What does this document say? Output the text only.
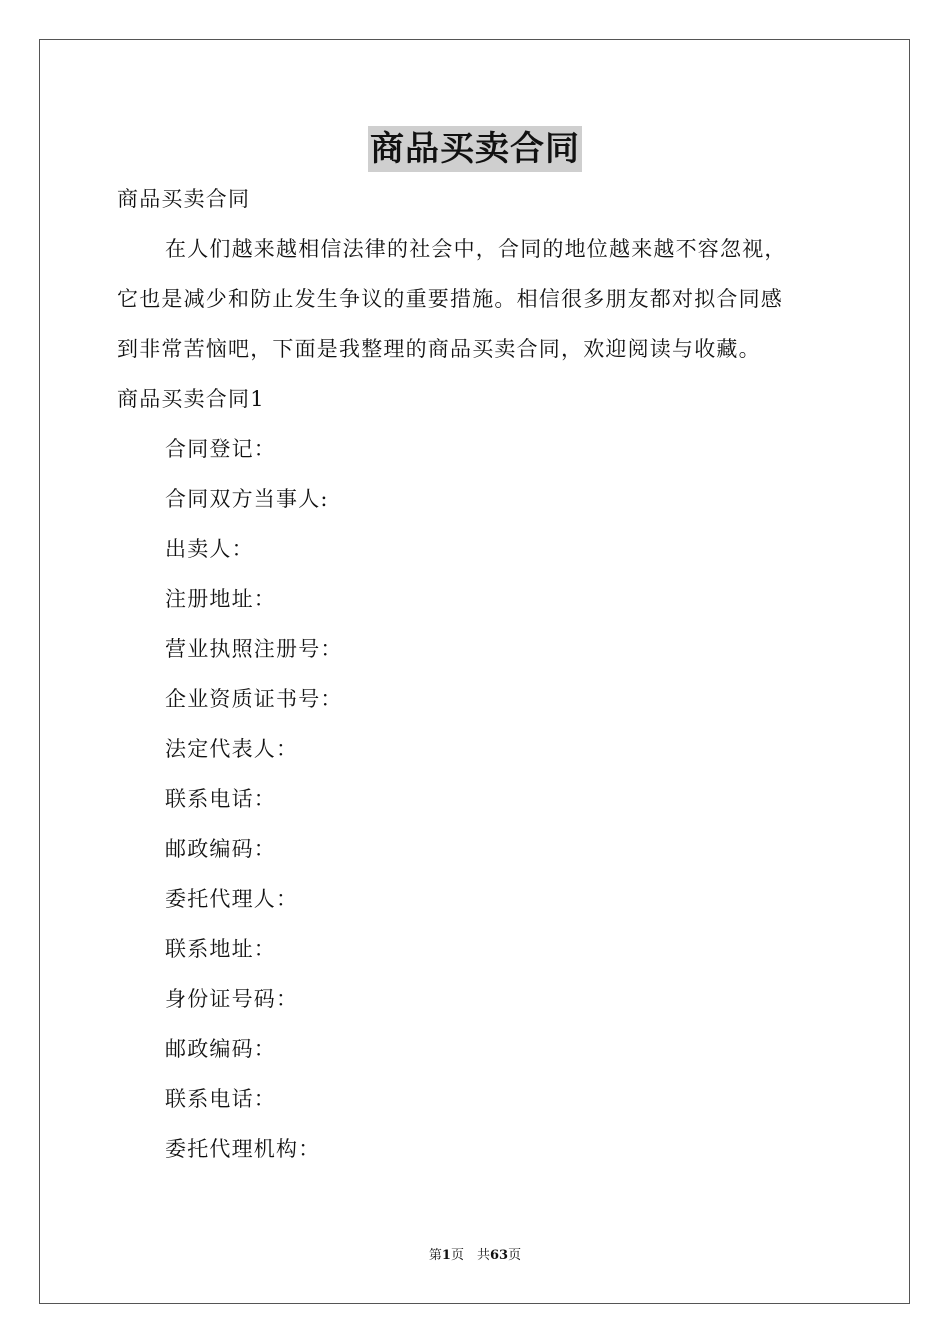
商品买卖合同
商品买卖合同
在人们越来越相信法律的社会中，合同的地位越来越不容忽视，
它也是减少和防止发生争议的重要措施。相信很多朋友都对拟合同感
到非常苦恼吧，下面是我整理的商品买卖合同，欢迎阅读与收藏。
商品买卖合同1
合同登记：
合同双方当事人:
出卖人：
注册地址：
营业执照注册号：
企业资质证书号：
法定代表人：
联系电话：
邮政编码：
委托代理人：
联系地址：
身份证号码：
邮政编码：
联系电话：
委托代理机构：
第1页　共63页
